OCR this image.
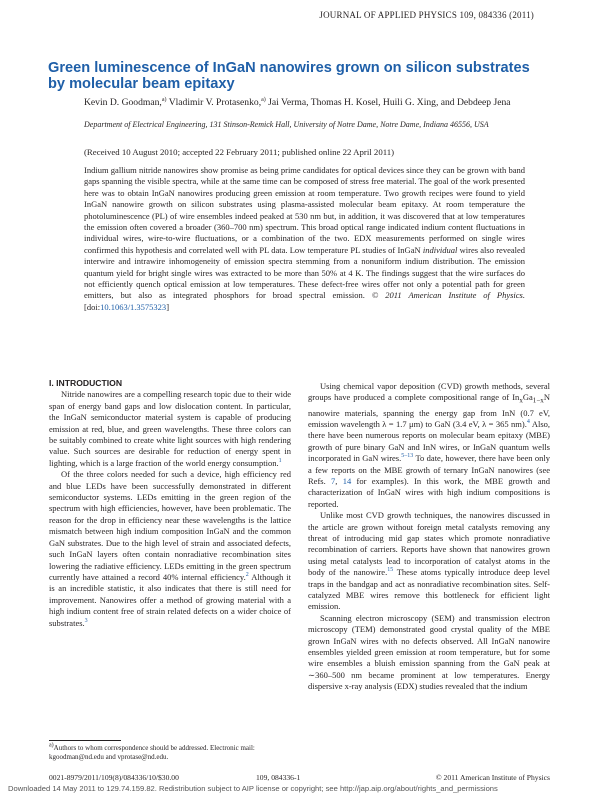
JOURNAL OF APPLIED PHYSICS 109, 084336 (2011)
Green luminescence of InGaN nanowires grown on silicon substrates by molecular beam epitaxy
Kevin D. Goodman,$^{a)}$ Vladimir V. Protasenko,$^{a)}$ Jai Verma, Thomas H. Kosel, Huili G. Xing, and Debdeep Jena
Department of Electrical Engineering, 131 Stinson-Remick Hall, University of Notre Dame, Notre Dame, Indiana 46556, USA
(Received 10 August 2010; accepted 22 February 2011; published online 22 April 2011)
Indium gallium nitride nanowires show promise as being prime candidates for optical devices since they can be grown with band gaps spanning the visible spectra, while at the same time can be composed of stress free material. The goal of the work presented here was to obtain InGaN nanowires producing green emission at room temperature. Two growth recipes were found to yield InGaN nanowire growth on silicon substrates using plasma-assisted molecular beam epitaxy. At room temperature the photoluminescence (PL) of wire ensembles indeed peaked at 530 nm but, in addition, it was discovered that at low temperatures the emission often covered a broader (360–700 nm) spectrum. This broad optical range indicated indium content fluctuations in individual wires, wire-to-wire fluctuations, or a combination of the two. EDX measurements performed on single wires confirmed this hypothesis and correlated well with PL data. Low temperature PL studies of InGaN individual wires also revealed interwire and intrawire inhomogeneity of emission spectra stemming from a nonuniform indium distribution. The emission quantum yield for bright single wires was extracted to be more than 50% at 4 K. The findings suggest that the wire surfaces do not efficiently quench optical emission at low temperatures. These defect-free wires offer not only a potential path for green emitters, but also as integrated phosphors for broad spectral emission. © 2011 American Institute of Physics. [doi:10.1063/1.3575323]

I. INTRODUCTION

Nitride nanowires are a compelling research topic due to their wide span of energy band gaps and low dislocation content. In particular, the InGaN semiconductor material system is capable of producing emission at red, blue, and green wavelengths. These three colors can be suitably combined to create white light sources with high rendering value. Such sources are desirable for reduction of energy spent in lighting, which is a large fraction of the world energy consumption.$^1$

Of the three colors needed for such a device, high efficiency red and blue LEDs have been successfully demonstrated in different semiconductor systems. LEDs emitting in the green region of the spectrum with high efficiencies, however, have been problematic. The reason for the drop in efficiency near these wavelengths is the lattice mismatch between high indium composition InGaN and the common GaN substrates. Due to the high level of strain and associated defects, such InGaN layers often contain nonradiative recombination sites lowering the radiative efficiency. LEDs emitting in the green spectrum currently have attained a record 40% internal efficiency.$^2$ Although it is an incredible statistic, it also indicates that there is still need for improvement. Nanowires offer a method of growing material with a high indium content free of strain related defects on a wider choice of substrates.$^3$

Using chemical vapor deposition (CVD) growth methods, several groups have produced a complete compositional range of $In_xGa_{1-x}N$ nanowire materials, spanning the energy gap from InN (0.7 eV, emission wavelength λ = 1.7 μm) to GaN (3.4 eV, λ = 365 nm).$^4$ Also, there have been numerous reports on molecular beam epitaxy (MBE) growth of pure binary GaN and InN wires, or InGaN quantum wells incorporated in GaN wires.$^{5-13}$ To date, however, there have been only a few reports on the MBE growth of ternary InGaN nanowires (see Refs. 7, 14 for examples). In this work, the MBE growth and characterization of InGaN wires with high indium compositions is reported.

Unlike most CVD growth techniques, the nanowires discussed in the article are grown without foreign metal catalysts removing any threat of introducing mid gap states which promote nonradiative recombination of carriers. Reports have shown that nanowires grown using metal catalysts lead to incorporation of catalyst atoms in the body of the nanowire.$^{15}$ These atoms typically introduce deep level traps in the bandgap and act as nonradiative recombination sites. Self-catalyzed MBE wires remove this bottleneck for efficient light emission.

Scanning electron microscopy (SEM) and transmission electron microscopy (TEM) demonstrated good crystal quality of the MBE grown InGaN wires with no defects observed. All InGaN nanowire ensembles yielded green emission at room temperature, but for some wire ensembles a bluish emission spanning from the GaN peak at ∼360–500 nm became prominent at low temperatures. Energy dispersive x-ray analysis (EDX) studies revealed that the indium

$^{a)}$Authors to whom correspondence should be addressed. Electronic mail: kgoodman@nd.edu and vprotase@nd.edu.
0021-8979/2011/109(8)/084336/10/$30.00	109, 084336-1	© 2011 American Institute of Physics
Downloaded 14 May 2011 to 129.74.159.82. Redistribution subject to AIP license or copyright; see http://jap.aip.org/about/rights_and_permissions
